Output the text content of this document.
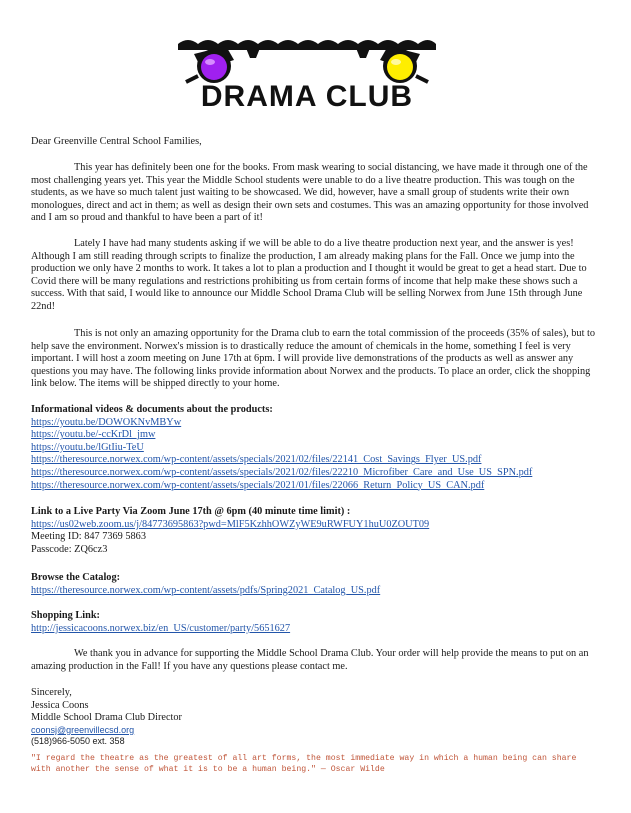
DRAMA CLUB
Dear Greenville Central School Families,

This year has definitely been one for the books. From mask wearing to social distancing, we have made it through one of the most challenging years yet. This year the Middle School students were unable to do a live theatre production. This was tough on the students, as we have so much talent just waiting to be showcased. We did, however, have a small group of students write their own monologues, direct and act in them; as well as design their own sets and costumes. This was an amazing opportunity for those involved and I am so proud and thankful to have been a part of it!

Lately I have had many students asking if we will be able to do a live theatre production next year, and the answer is yes! Although I am still reading through scripts to finalize the production, I am already making plans for the Fall. Once we jump into the production we only have 2 months to work. It takes a lot to plan a production and I thought it would be great to get a head start. Due to Covid there will be many regulations and restrictions prohibiting us from certain forms of income that help make these shows such a success. With that said, I would like to announce our Middle School Drama Club will be selling Norwex from June 15th through June 22nd!

This is not only an amazing opportunity for the Drama club to earn the total commission of the proceeds (35% of sales), but to help save the environment. Norwex's mission is to drastically reduce the amount of chemicals in the home, something I feel is very important. I will host a zoom meeting on June 17th at 6pm. I will provide live demonstrations of the products as well as answer any questions you may have. The following links provide information about Norwex and the products. To place an order, click the shopping link below. The items will be shipped directly to your home.

Informational videos & documents about the products:
https://youtu.be/DOWOKNvMBYw
https://youtu.be/-ccKrDl_jmw
https://youtu.be/lGtIiu-TeU
https://theresource.norwex.com/wp-content/assets/specials/2021/02/files/22141_Cost_Savings_Flyer_US.pdf
https://theresource.norwex.com/wp-content/assets/specials/2021/02/files/22210_Microfiber_Care_and_Use_US_SPN.pdf
https://theresource.norwex.com/wp-content/assets/specials/2021/01/files/22066_Return_Policy_US_CAN.pdf
Link to a Live Party Via Zoom June 17th @ 6pm (40 minute time limit) :
https://us02web.zoom.us/j/84773695863?pwd=MlF5KzhhOWZyWE9uRWFUY1huU0ZOUT09
Meeting ID: 847 7369 5863
Passcode: ZQ6cz3
Browse the Catalog:
https://theresource.norwex.com/wp-content/assets/pdfs/Spring2021_Catalog_US.pdf
Shopping Link:
http://jessicacoons.norwex.biz/en_US/customer/party/5651627

We thank you in advance for supporting the Middle School Drama Club. Your order will help provide the means to put on an amazing production in the Fall! If you have any questions please contact me.

Sincerely,
Jessica Coons
Middle School Drama Club Director
coonsj@greenvillecsd.org
(518)966-5050 ext. 358
"I regard the theatre as the greatest of all art forms, the most immediate way in which a human being can share with another the sense of what it is to be a human being." — Oscar Wilde
